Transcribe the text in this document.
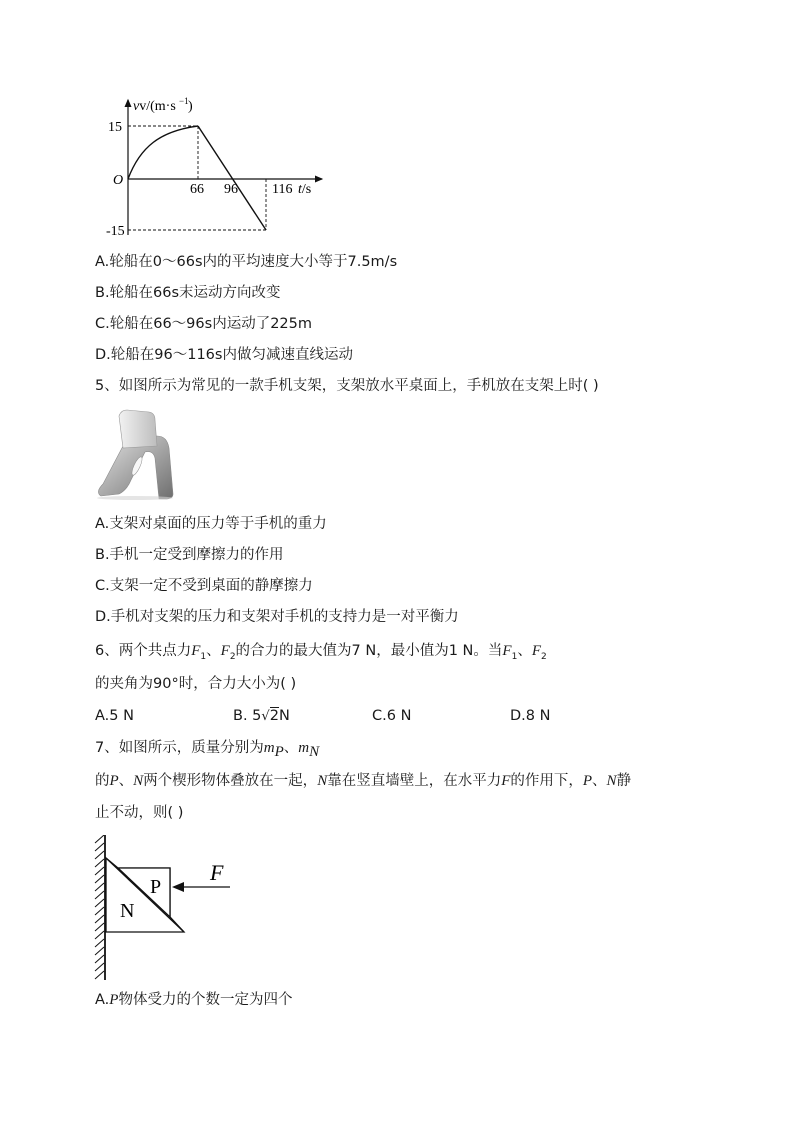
vv/(m·s −1 )
15
-15
O
66 96 116 t/s
A.轮船在0～66s内的平均速度大小等于7.5m/s
B.轮船在66s末运动方向改变
C.轮船在66～96s内运动了225m
D.轮船在96～116s内做匀减速直线运动
5、如图所示为常见的一款手机支架，支架放水平桌面上，手机放在支架上时( )
A.支架对桌面的压力等于手机的重力
B.手机一定受到摩擦力的作用
C.支架一定不受到桌面的静摩擦力
D.手机对支架的压力和支架对手机的支持力是一对平衡力
6、两个共点力$F_1$、$F_2$的合力的最大值为7 N，最小值为1 N。当$F_1$、$F_2$
的夹角为90°时，合力大小为( )
A.5 N	B. 5√2N	C.6 N	D.8 N
7、如图所示，质量分别为$m_P$、$m_N$
的P、N两个楔形物体叠放在一起，N靠在竖直墙壁上，在水平力F的作用下，P、N静
止不动，则( )
P
N
F
A.P物体受力的个数一定为四个
